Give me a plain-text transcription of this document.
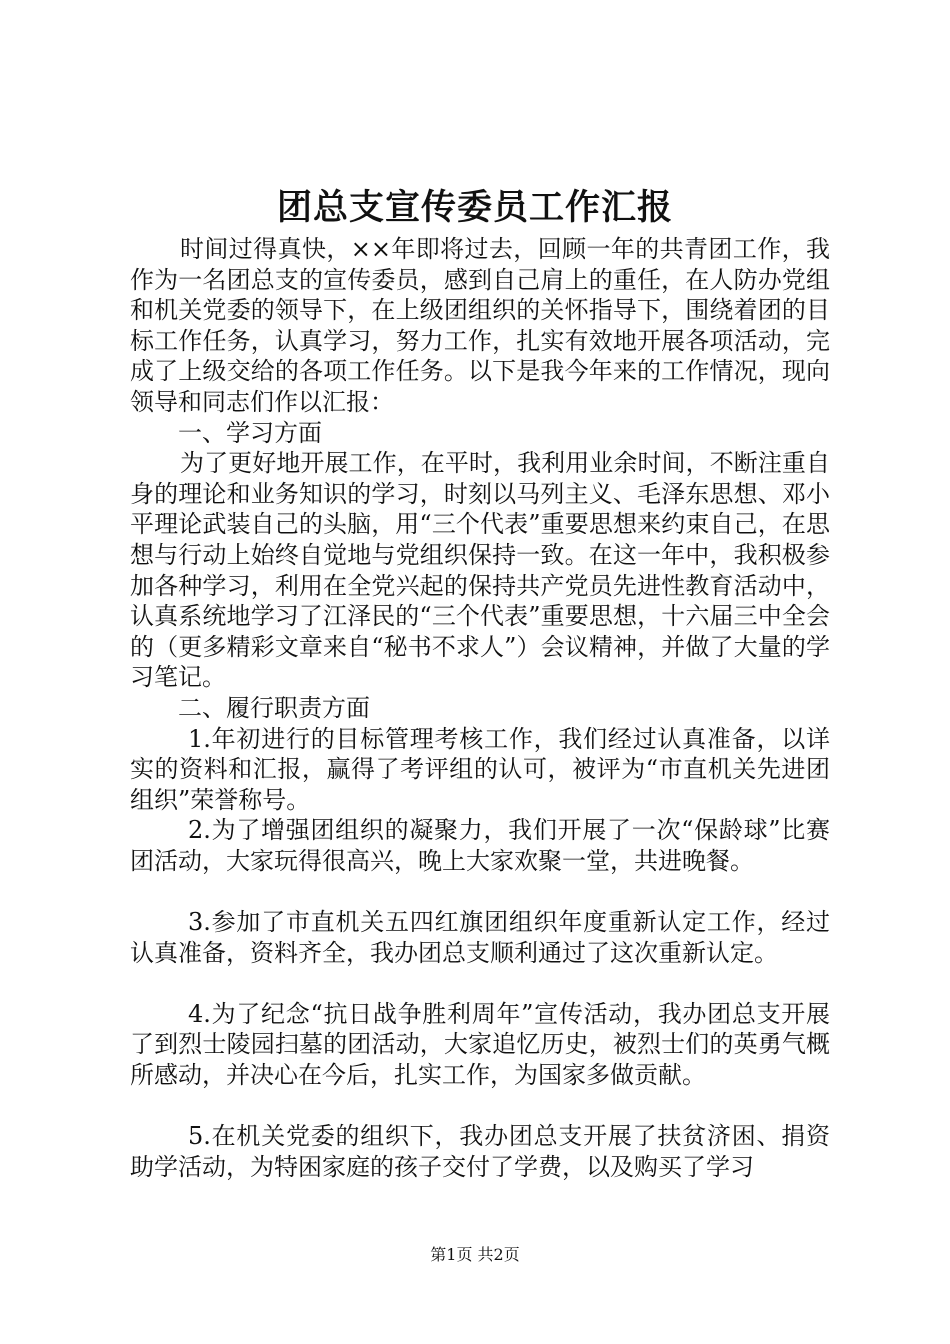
团总支宣传委员工作汇报

时间过得真快，××年即将过去，回顾一年的共青团工作，我作为一名团总支的宣传委员，感到自己肩上的重任，在人防办党组和机关党委的领导下，在上级团组织的关怀指导下，围绕着团的目标工作任务，认真学习，努力工作，扎实有效地开展各项活动，完成了上级交给的各项工作任务。以下是我今年来的工作情况，现向领导和同志们作以汇报：

一、学习方面

为了更好地开展工作，在平时，我利用业余时间，不断注重自身的理论和业务知识的学习，时刻以马列主义、毛泽东思想、邓小平理论武装自己的头脑，用“三个代表”重要思想来约束自己，在思想与行动上始终自觉地与党组织保持一致。在这一年中，我积极参加各种学习，利用在全党兴起的保持共产党员先进性教育活动中，认真系统地学习了江泽民的“三个代表”重要思想，十六届三中全会的（更多精彩文章来自“秘书不求人”）会议精神，并做了大量的学习笔记。

二、履行职责方面

1.年初进行的目标管理考核工作，我们经过认真准备，以详实的资料和汇报，赢得了考评组的认可，被评为“市直机关先进团组织”荣誉称号。

2.为了增强团组织的凝聚力，我们开展了一次“保龄球”比赛团活动，大家玩得很高兴，晚上大家欢聚一堂，共进晚餐。

3.参加了市直机关五四红旗团组织年度重新认定工作，经过认真准备，资料齐全，我办团总支顺利通过了这次重新认定。

4.为了纪念“抗日战争胜利周年”宣传活动，我办团总支开展了到烈士陵园扫墓的团活动，大家追忆历史，被烈士们的英勇气概所感动，并决心在今后，扎实工作，为国家多做贡献。

5.在机关党委的组织下，我办团总支开展了扶贫济困、捐资助学活动，为特困家庭的孩子交付了学费，以及购买了学习

第1页 共2页
